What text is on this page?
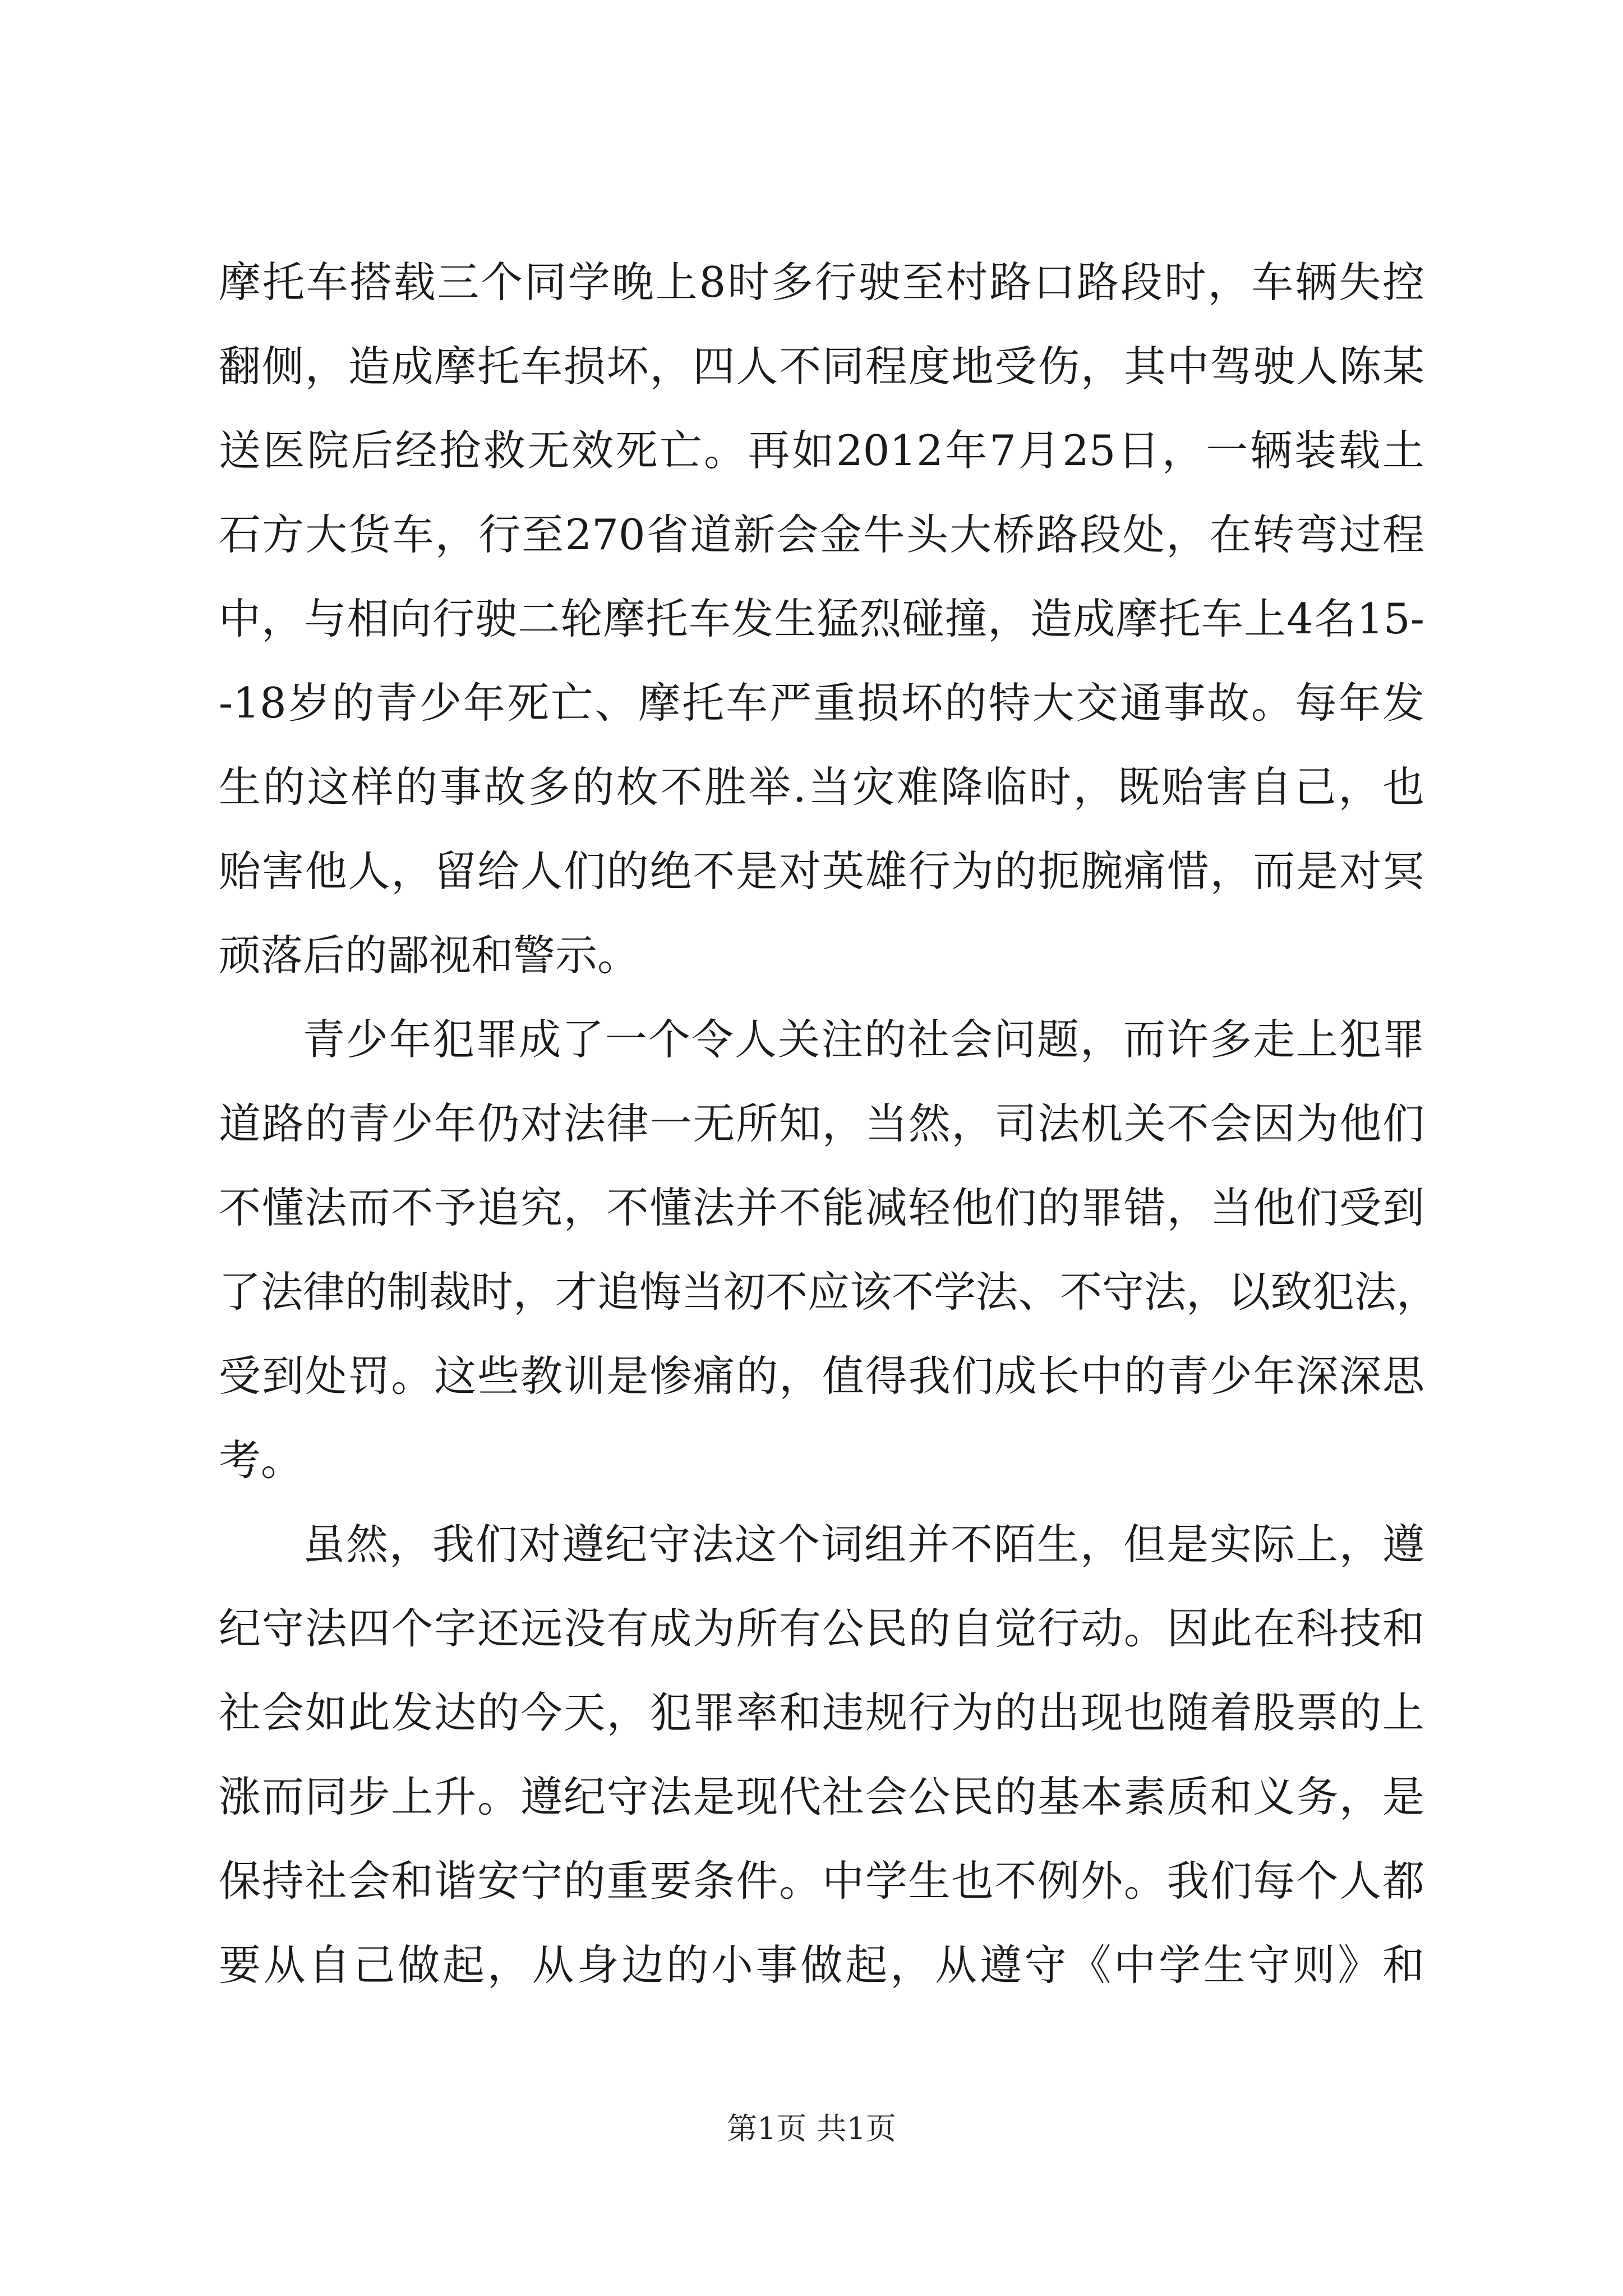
摩托车搭载三个同学晚上8时多行驶至村路口路段时，车辆失控
翻侧，造成摩托车损坏，四人不同程度地受伤，其中驾驶人陈某
送医院后经抢救无效死亡。再如2012年7月25日，一辆装载土
石方大货车，行至270省道新会金牛头大桥路段处，在转弯过程
中，与相向行驶二轮摩托车发生猛烈碰撞，造成摩托车上4名15-
-18岁的青少年死亡、摩托车严重损坏的特大交通事故。每年发
生的这样的事故多的枚不胜举.当灾难降临时，既贻害自己，也
贻害他人，留给人们的绝不是对英雄行为的扼腕痛惜，而是对冥
顽落后的鄙视和警示。
青少年犯罪成了一个令人关注的社会问题，而许多走上犯罪
道路的青少年仍对法律一无所知，当然，司法机关不会因为他们
不懂法而不予追究，不懂法并不能减轻他们的罪错，当他们受到
了法律的制裁时，才追悔当初不应该不学法、不守法，以致犯法，
受到处罚。这些教训是惨痛的，值得我们成长中的青少年深深思
考。
虽然，我们对遵纪守法这个词组并不陌生，但是实际上，遵
纪守法四个字还远没有成为所有公民的自觉行动。因此在科技和
社会如此发达的今天，犯罪率和违规行为的出现也随着股票的上
涨而同步上升。遵纪守法是现代社会公民的基本素质和义务，是
保持社会和谐安宁的重要条件。中学生也不例外。我们每个人都
要从自己做起，从身边的小事做起，从遵守《中学生守则》和
第1页 共1页
